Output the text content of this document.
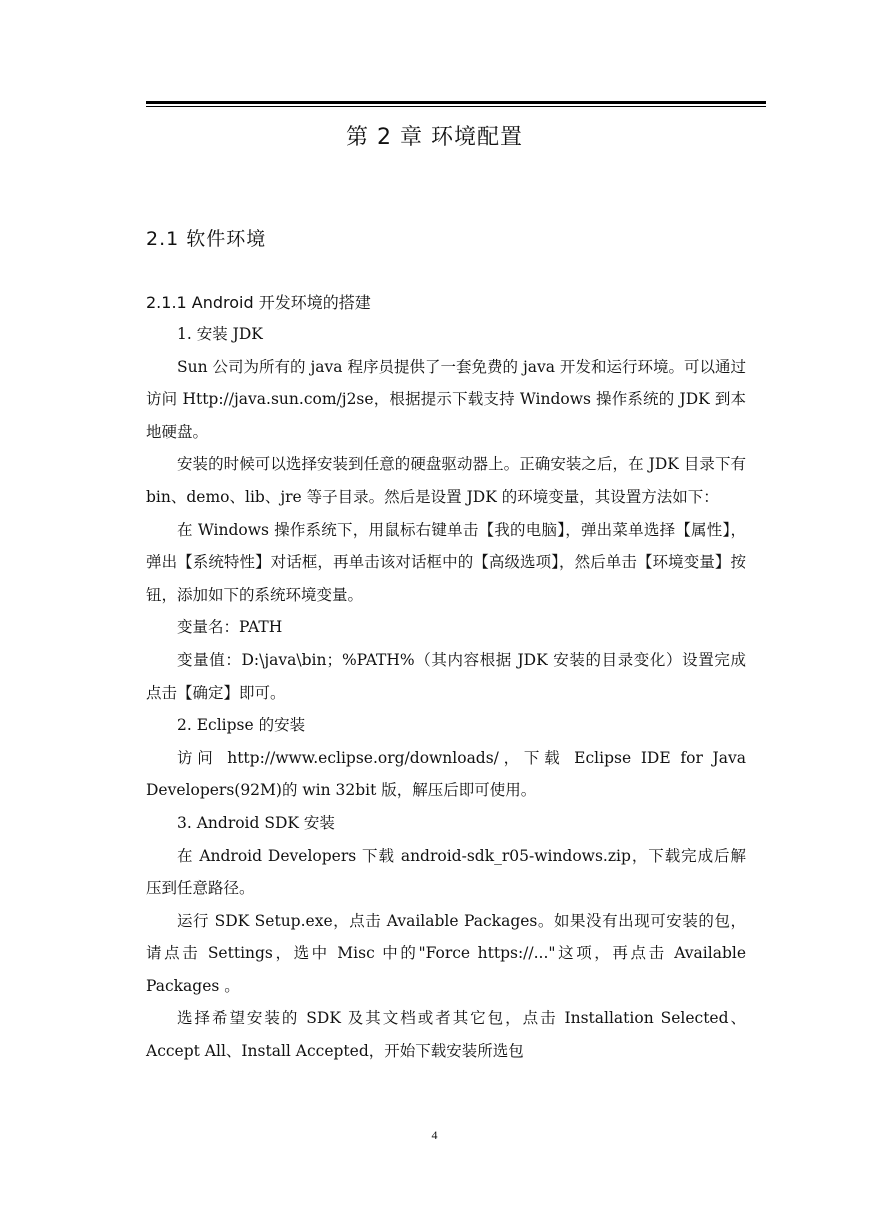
第 2 章 环境配置
2.1 软件环境
2.1.1 Android 开发环境的搭建

1. 安装 JDK

Sun 公司为所有的 java 程序员提供了一套免费的 java 开发和运行环境。可以通过访问 Http://java.sun.com/j2se，根据提示下载支持 Windows 操作系统的 JDK 到本地硬盘。

安装的时候可以选择安装到任意的硬盘驱动器上。正确安装之后，在 JDK 目录下有 bin、demo、lib、jre 等子目录。然后是设置 JDK 的环境变量，其设置方法如下：

在 Windows 操作系统下，用鼠标右键单击【我的电脑】，弹出菜单选择【属性】，弹出【系统特性】对话框，再单击该对话框中的【高级选项】，然后单击【环境变量】按钮，添加如下的系统环境变量。

变量名：PATH

变量值：D:\java\bin；%PATH%（其内容根据 JDK 安装的目录变化）设置完成点击【确定】即可。

2. Eclipse 的安装

访问 http://www.eclipse.org/downloads/，下载 Eclipse IDE for Java Developers(92M)的 win 32bit 版，解压后即可使用。

3. Android SDK 安装

在 Android Developers 下载 android-sdk_r05-windows.zip，下载完成后解压到任意路径。

运行 SDK Setup.exe，点击 Available Packages。如果没有出现可安装的包，请点击 Settings，选中 Misc 中的"Force https://..."这项，再点击 Available Packages 。

选择希望安装的 SDK 及其文档或者其它包，点击 Installation Selected、Accept All、Install Accepted，开始下载安装所选包

4
